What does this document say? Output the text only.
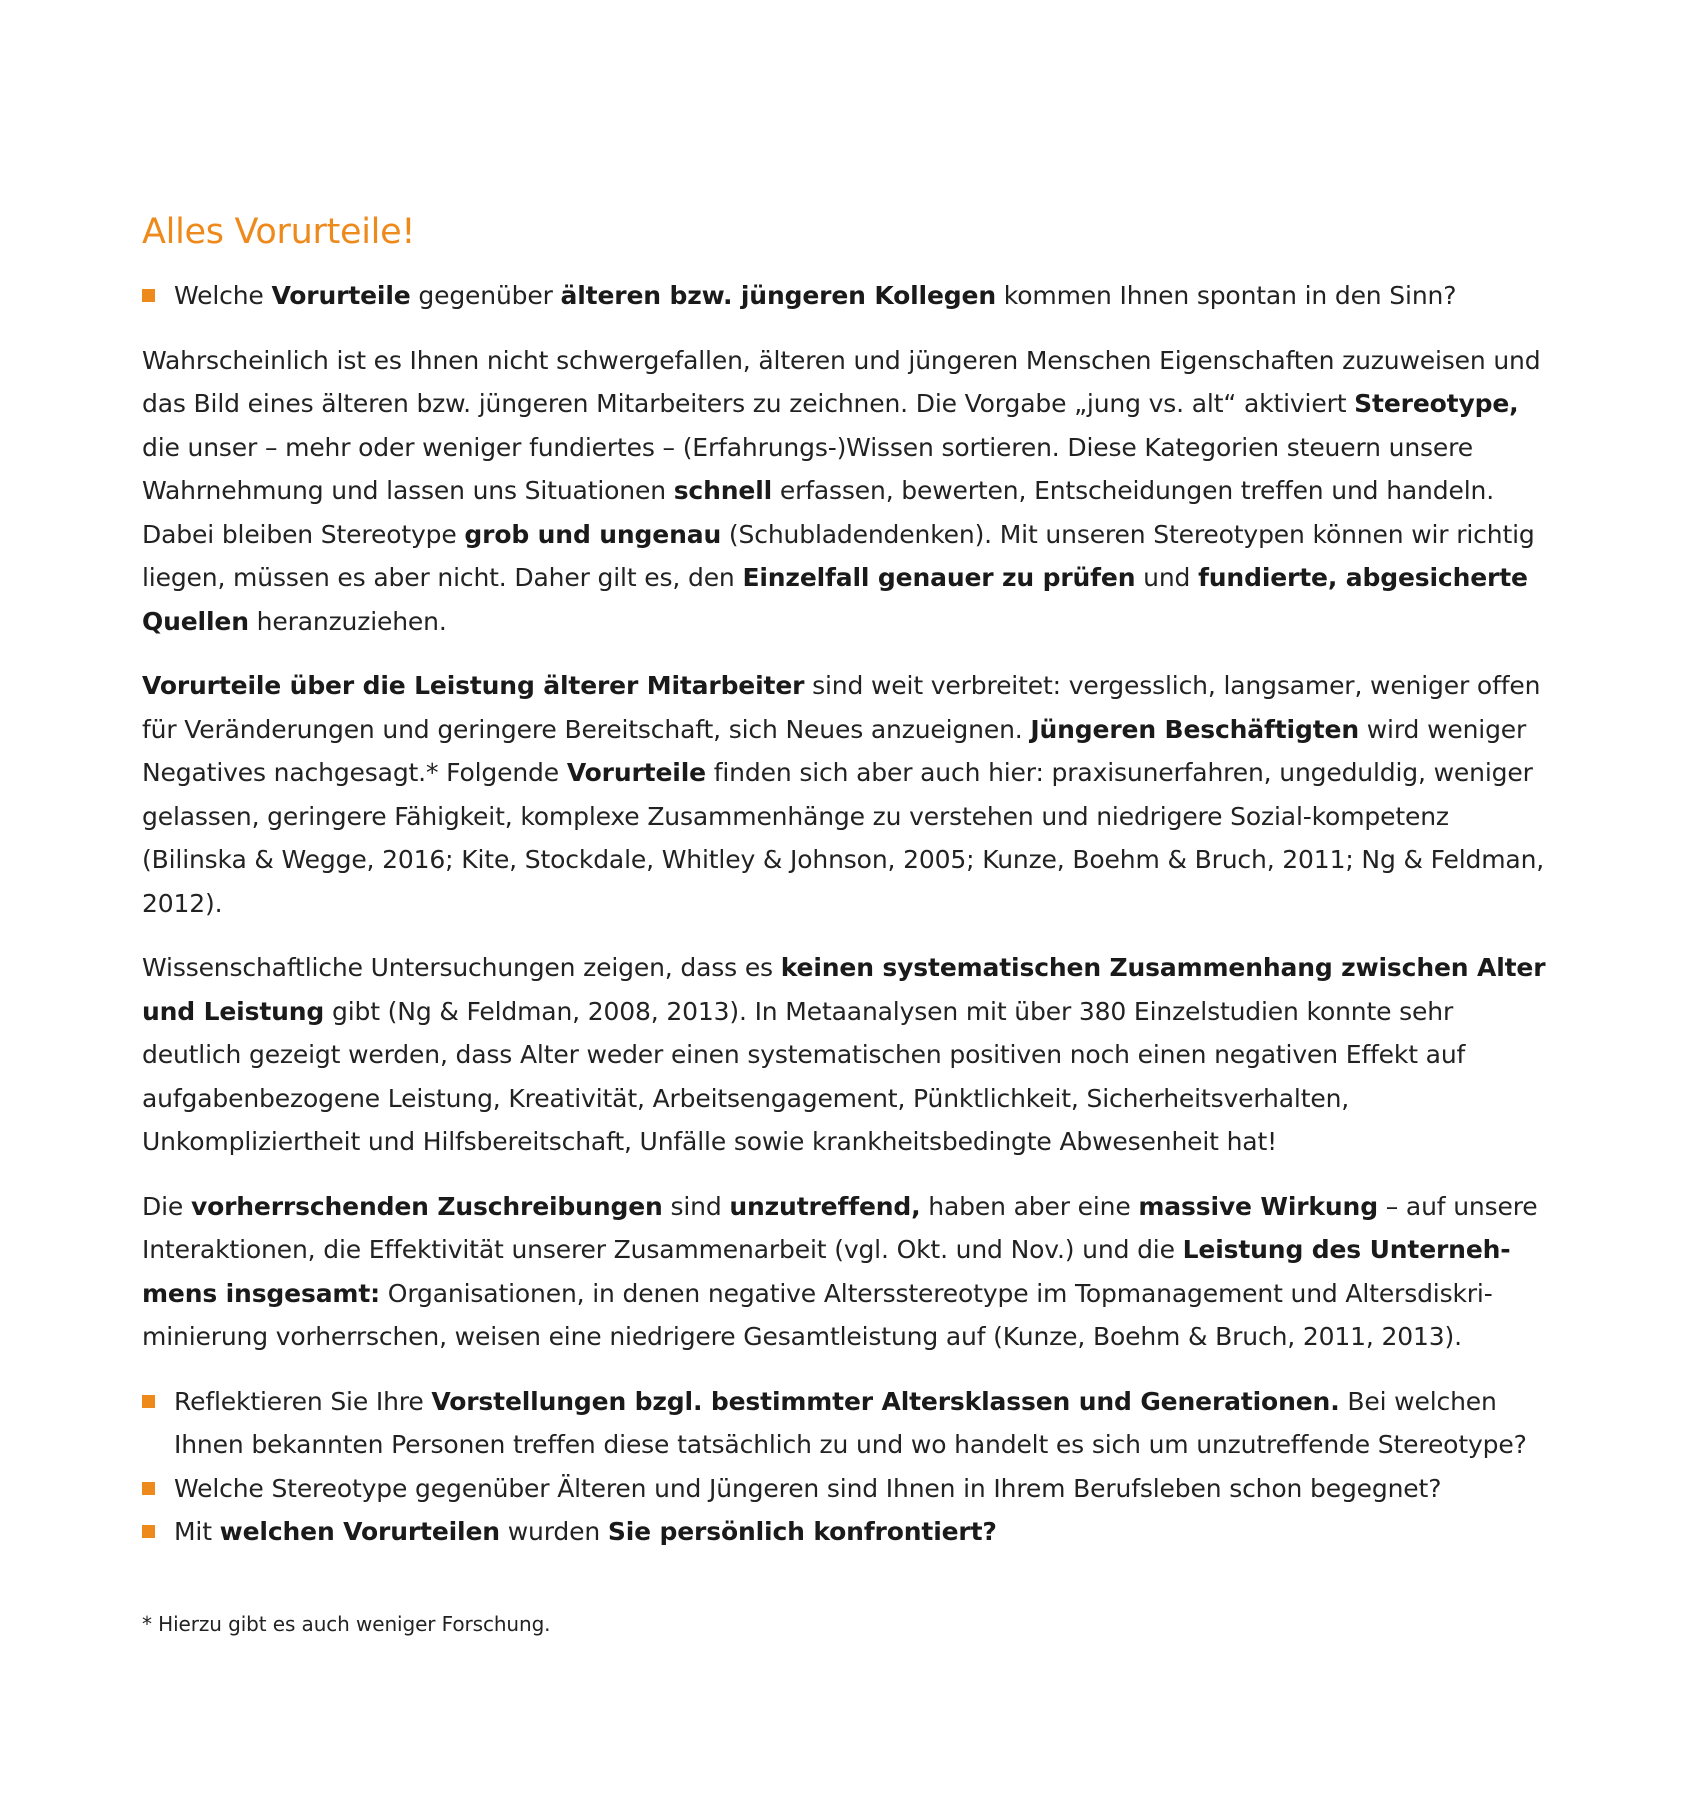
Alles Vorurteile!
Welche Vorurteile gegenüber älteren bzw. jüngeren Kollegen kommen Ihnen spontan in den Sinn?

Wahrscheinlich ist es Ihnen nicht schwergefallen, älteren und jüngeren Menschen Eigenschaften zuzuweisen und das Bild eines älteren bzw. jüngeren Mitarbeiters zu zeichnen. Die Vorgabe „jung vs. alt“ aktiviert Stereotype, die unser – mehr oder weniger fundiertes – (Erfahrungs-)Wissen sortieren. Diese Kategorien steuern unsere Wahrnehmung und lassen uns Situationen schnell erfassen, bewerten, Entscheidungen treffen und handeln. Dabei bleiben Stereotype grob und ungenau (Schubladendenken). Mit unseren Stereotypen können wir richtig liegen, müssen es aber nicht. Daher gilt es, den Einzelfall genauer zu prüfen und fundierte, abgesicherte Quellen heranzuziehen.

Vorurteile über die Leistung älterer Mitarbeiter sind weit verbreitet: vergesslich, langsamer, weniger offen für Veränderungen und geringere Bereitschaft, sich Neues anzueignen. Jüngeren Beschäftigten wird weniger Negatives nachgesagt.* Folgende Vorurteile finden sich aber auch hier: praxisunerfahren, ungeduldig, weniger gelassen, geringere Fähigkeit, komplexe Zusammenhänge zu verstehen und niedrigere Sozial-kompetenz (Bilinska & Wegge, 2016; Kite, Stockdale, Whitley & Johnson, 2005; Kunze, Boehm & Bruch, 2011; Ng & Feldman, 2012).

Wissenschaftliche Untersuchungen zeigen, dass es keinen systematischen Zusammenhang zwischen Alter und Leistung gibt (Ng & Feldman, 2008, 2013). In Metaanalysen mit über 380 Einzelstudien konnte sehr deutlich gezeigt werden, dass Alter weder einen systematischen positiven noch einen negativen Effekt auf aufgabenbezogene Leistung, Kreativität, Arbeitsengagement, Pünktlichkeit, Sicherheitsverhalten, Unkompliziertheit und Hilfsbereitschaft, Unfälle sowie krankheitsbedingte Abwesenheit hat!

Die vorherrschenden Zuschreibungen sind unzutreffend, haben aber eine massive Wirkung – auf unsere Interaktionen, die Effektivität unserer Zusammenarbeit (vgl. Okt. und Nov.) und die Leistung des Unterneh-mens insgesamt: Organisationen, in denen negative Altersstereotype im Topmanagement und Altersdiskri-minierung vorherrschen, weisen eine niedrigere Gesamtleistung auf (Kunze, Boehm & Bruch, 2011, 2013).

Reflektieren Sie Ihre Vorstellungen bzgl. bestimmter Altersklassen und Generationen. Bei welchen Ihnen bekannten Personen treffen diese tatsächlich zu und wo handelt es sich um unzutreffende Stereotype?
Welche Stereotype gegenüber Älteren und Jüngeren sind Ihnen in Ihrem Berufsleben schon begegnet?
Mit welchen Vorurteilen wurden Sie persönlich konfrontiert?
* Hierzu gibt es auch weniger Forschung.
